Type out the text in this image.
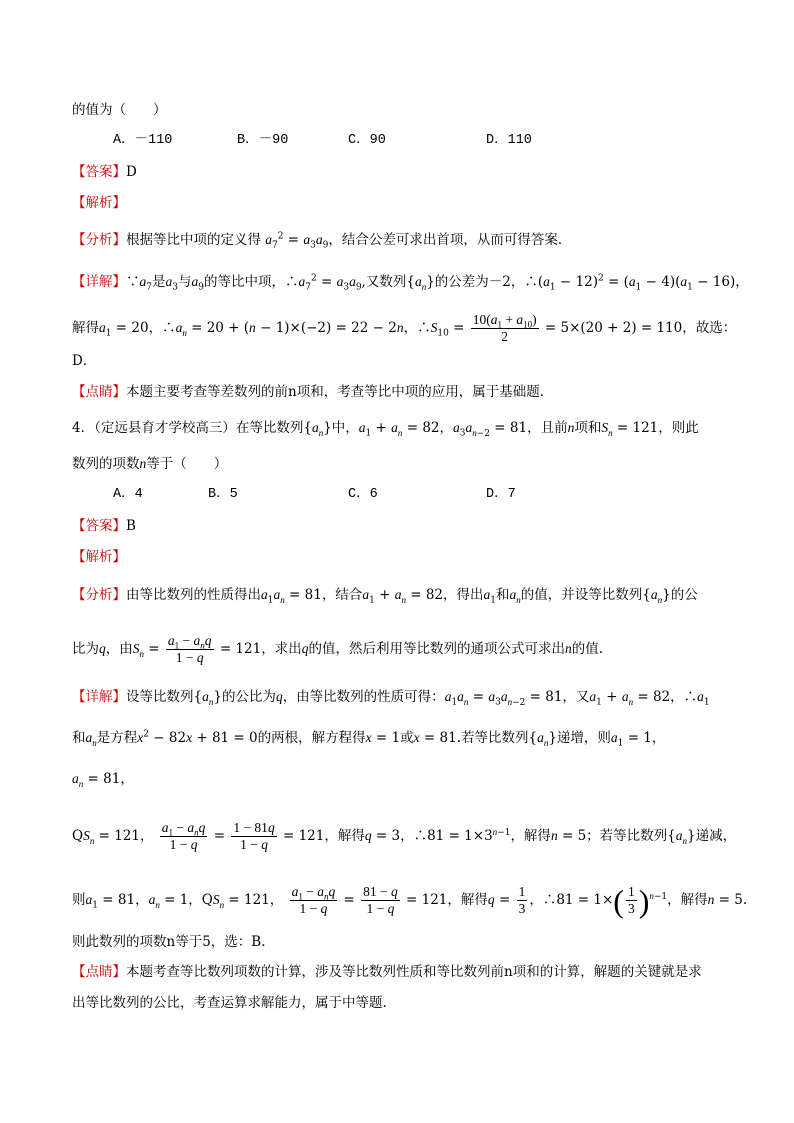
的值为（　　）
A．－110	B．－90	C．90	D．110
【答案】D
【解析】
【分析】根据等比中项的定义得 $a_7^2 = a_3a_9$，结合公差可求出首项，从而可得答案．
【详解】$\because a_7$是$a_3$与$a_9$的等比中项，$\therefore a_7^2 = a_3a_9$,又数列$\{a_n\}$的公差为－2，$\therefore(a_1 - 12)^2 = (a_1 - 4)(a_1 - 16)$，
解得$a_1 = 20$，$\therefore a_n = 20 + (n - 1)\times(-2) = 22 - 2n$，$\therefore S_{10} = \frac{10(a_1 + a_{10})}{2} = 5\times(20 + 2) = 110$，故选：
D．
【点睛】本题主要考查等差数列的前n项和，考查等比中项的应用，属于基础题．
4．（定远县育才学校高三）在等比数列$\{a_n\}$中，$a_1 + a_n = 82$，$a_3a_{n-2} = 81$，且前n项和$S_n = 121$，则此
数列的项数n等于（　　）
A．4	B．5	C．6	D．7
【答案】B
【解析】
【分析】由等比数列的性质得出$a_1a_n = 81$，结合$a_1 + a_n = 82$，得出$a_1$和$a_n$的值，并设等比数列$\{a_n\}$的公
比为q，由$S_n = \frac{a_1 - a_nq}{1 - q} = 121$，求出q的值，然后利用等比数列的通项公式可求出n的值.
【详解】设等比数列$\{a_n\}$的公比为q，由等比数列的性质可得：$a_1a_n = a_3a_{n-2} = 81$，又$a_1 + a_n = 82$，$\therefore a_1$
和$a_n$是方程$x^2 - 82x + 81 = 0$的两根，解方程得x = 1或x = 81.若等比数列$\{a_n\}$递增，则$a_1 = 1$，
$a_n = 81$，
$QS_n = 121$， $\frac{a_1 - a_nq}{1 - q} = \frac{1 - 81q}{1 - q} = 121$，解得q = 3，∴81 = $1\times 3^{n-1}$，解得n = 5；若等比数列$\{a_n\}$递减，
则$a_1 = 81$，$a_n = 1$，$QS_n = 121$， $\frac{a_1 - a_nq}{1 - q} = \frac{81 - q}{1 - q} = 121$，解得$q = \frac{1}{3}$ ，∴81 = $1\times( \frac{1}{3} )^{n-1}$，解得n = 5.
则此数列的项数n等于5，选：B.
【点睛】本题考查等比数列项数的计算，涉及等比数列性质和等比数列前n项和的计算，解题的关键就是求
出等比数列的公比，考查运算求解能力，属于中等题.
